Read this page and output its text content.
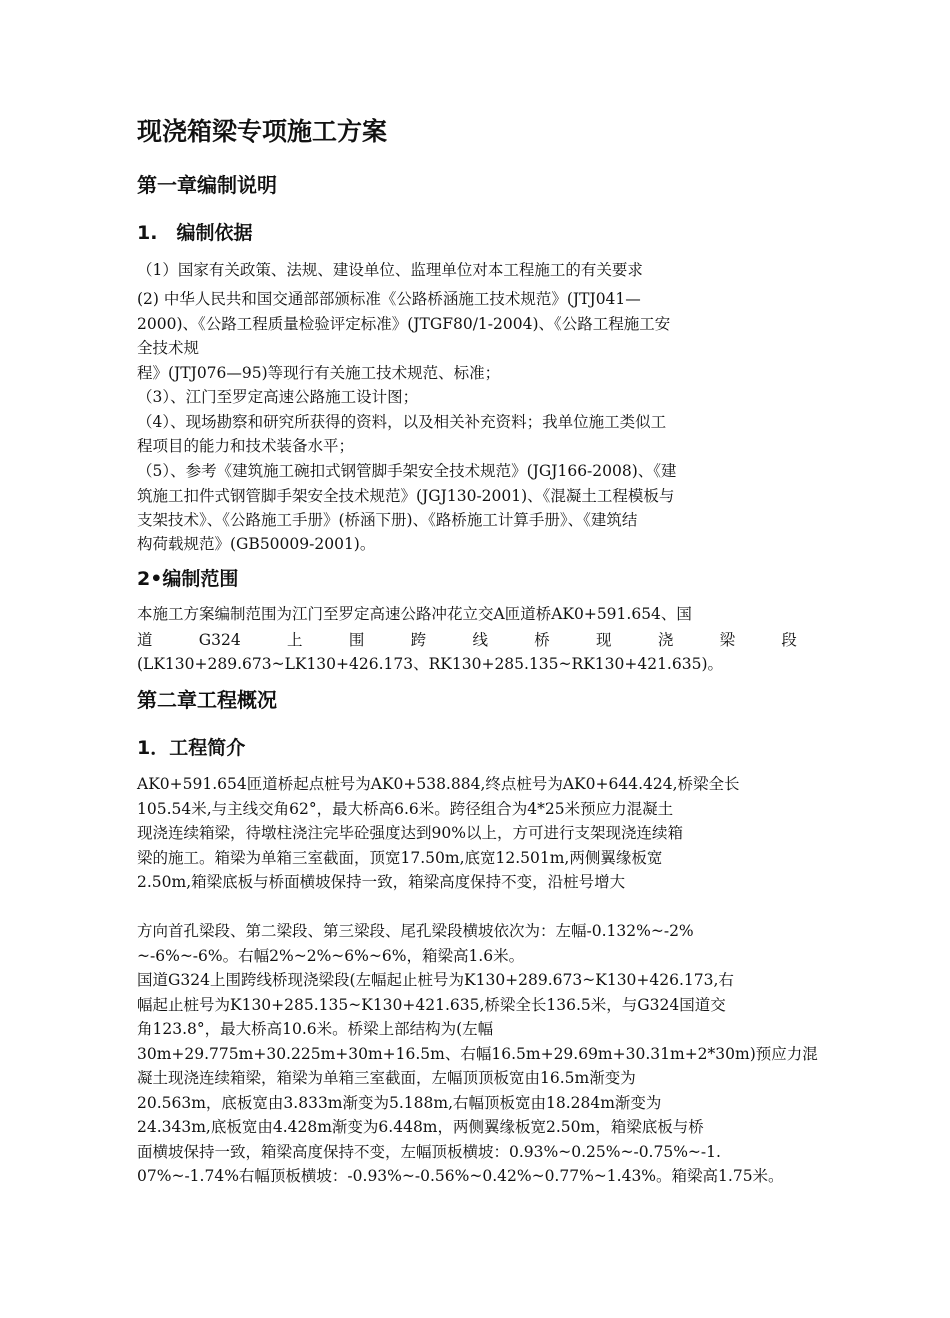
现浇箱梁专项施工方案
第一章编制说明
1.　编制依据

（1）国家有关政策、法规、建设单位、监理单位对本工程施工的有关要求

(2) 中华人民共和国交通部部颁标准《公路桥涵施工技术规范》(JTJ041—

2000)、《公路工程质量检验评定标准》(JTGF80/1-2004)、《公路工程施工安

全技术规

程》(JTJ076—95)等现行有关施工技术规范、标准；

（3）、江门至罗定高速公路施工设计图；

（4）、现场勘察和研究所获得的资料，以及相关补充资料；我单位施工类似工

程项目的能力和技术装备水平；

（5）、参考《建筑施工碗扣式钢管脚手架安全技术规范》(JGJ166-2008)、《建

筑施工扣件式钢管脚手架安全技术规范》(JGJ130-2001)、《混凝土工程模板与

支架技术》、《公路施工手册》(桥涵下册)、《路桥施工计算手册》、《建筑结

构荷载规范》(GB50009-2001)。

2•编制范围

本施工方案编制范围为江门至罗定高速公路冲花立交A匝道桥AK0+591.654、国

道	G324	上	围	跨	线	桥	现	浇	梁	段

(LK130+289.673~LK130+426.173、RK130+285.135~RK130+421.635)。

第二章工程概况
1．工程简介

AK0+591.654匝道桥起点桩号为AK0+538.884,终点桩号为AK0+644.424,桥梁全长

105.54米,与主线交角62°，最大桥高6.6米。跨径组合为4*25米预应力混凝土

现浇连续箱梁，待墩柱浇注完毕砼强度达到90%以上，方可进行支架现浇连续箱

梁的施工。箱梁为单箱三室截面，顶宽17.50m,底宽12.501m,两侧翼缘板宽

2.50m,箱梁底板与桥面横坡保持一致，箱梁高度保持不变，沿桩号增大

方向首孔梁段、第二梁段、第三梁段、尾孔梁段横坡依次为：左幅-0.132%~-2%

~-6%~-6%。右幅2%~2%~6%~6%，箱梁高1.6米。

国道G324上围跨线桥现浇梁段(左幅起止桩号为K130+289.673~K130+426.173,右

幅起止桩号为K130+285.135~K130+421.635,桥梁全长136.5米，与G324国道交

角123.8°，最大桥高10.6米。桥梁上部结构为(左幅

30m+29.775m+30.225m+30m+16.5m、右幅16.5m+29.69m+30.31m+2*30m)预应力混

凝土现浇连续箱梁，箱梁为单箱三室截面，左幅顶顶板宽由16.5m渐变为

20.563m，底板宽由3.833m渐变为5.188m,右幅顶板宽由18.284m渐变为

24.343m,底板宽由4.428m渐变为6.448m，两侧翼缘板宽2.50m，箱梁底板与桥

面横坡保持一致，箱梁高度保持不变，左幅顶板横坡：0.93%~0.25%~-0.75%~-1.

07%~-1.74%右幅顶板横坡：-0.93%~-0.56%~0.42%~0.77%~1.43%。箱梁高1.75米。
